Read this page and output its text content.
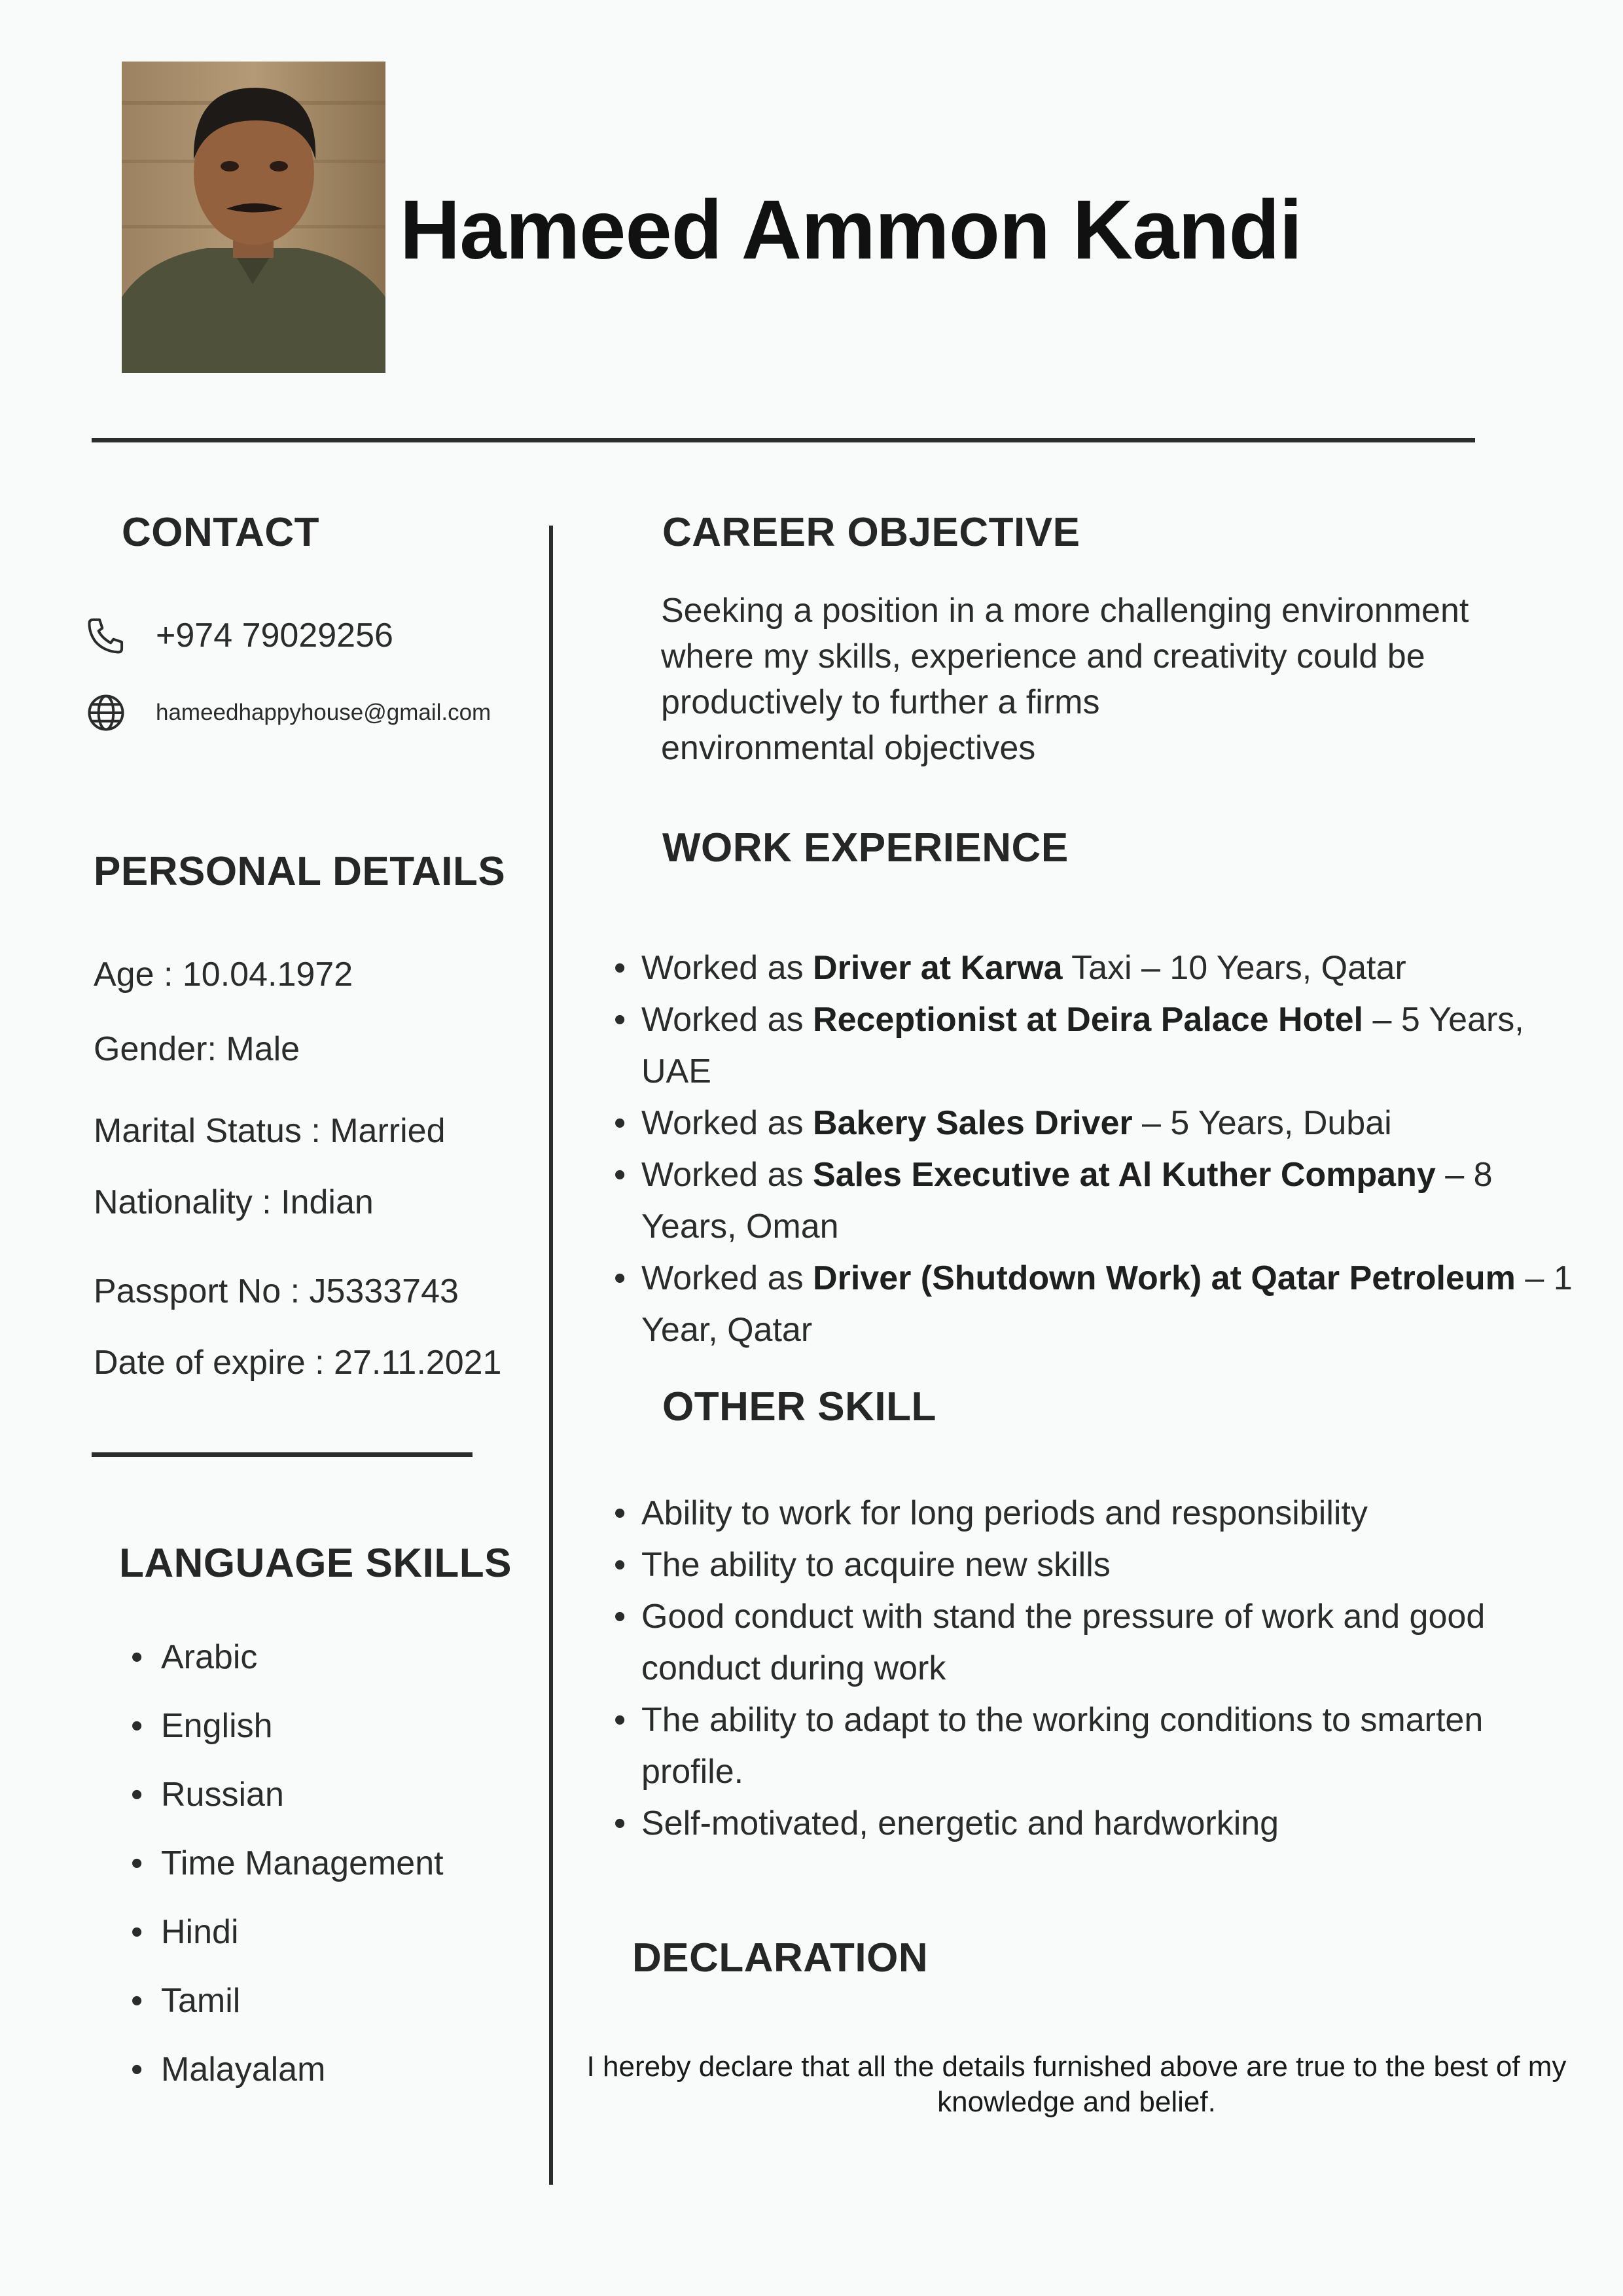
Hameed Ammon Kandi
CONTACT
+974 79029256
hameedhappyhouse@gmail.com
PERSONAL DETAILS
Age : 10.04.1972
Gender: Male
Marital Status : Married
Nationality : Indian
Passport No : J5333743
Date of expire : 27.11.2021
LANGUAGE SKILLS
• Arabic
• English
• Russian
• Time Management
• Hindi
• Tamil
• Malayalam
CAREER OBJECTIVE
Seeking a position in a more challenging environment
where my skills, experience and creativity could be
productively to further a firms
environmental objectives
WORK EXPERIENCE
• Worked as Driver at Karwa Taxi – 10 Years, Qatar
• Worked as Receptionist at Deira Palace Hotel – 5 Years, UAE
• Worked as Bakery Sales Driver – 5 Years, Dubai
• Worked as Sales Executive at Al Kuther Company – 8 Years, Oman
• Worked as Driver (Shutdown Work) at Qatar Petroleum – 1 Year, Qatar
OTHER SKILL
• Ability to work for long periods and responsibility
• The ability to acquire new skills
• Good conduct with stand the pressure of work and good conduct during work
• The ability to adapt to the working conditions to smarten profile.
• Self-motivated, energetic and hardworking
DECLARATION
I hereby declare that all the details furnished above are true to the best of my knowledge and belief.
